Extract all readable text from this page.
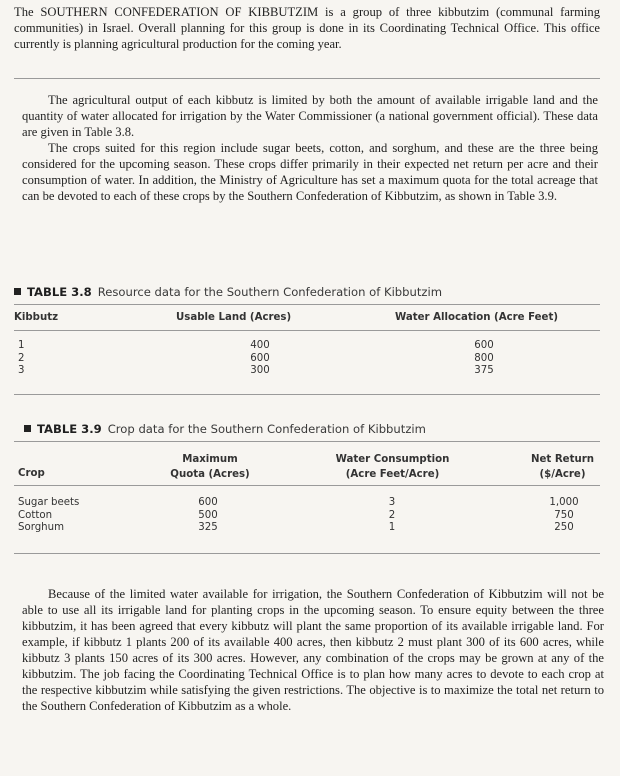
The SOUTHERN CONFEDERATION OF KIBBUTZIM is a group of three kibbutzim (communal farming communities) in Israel. Overall planning for this group is done in its Coordinating Technical Office. This office currently is planning agricultural production for the coming year.

The agricultural output of each kibbutz is limited by both the amount of available irrigable land and the quantity of water allocated for irrigation by the Water Commissioner (a national government official). These data are given in Table 3.8.

The crops suited for this region include sugar beets, cotton, and sorghum, and these are the three being considered for the upcoming season. These crops differ primarily in their expected net return per acre and their consumption of water. In addition, the Ministry of Agriculture has set a maximum quota for the total acreage that can be devoted to each of these crops by the Southern Confederation of Kibbutzim, as shown in Table 3.9.

TABLE 3.8 Resource data for the Southern Confederation of Kibbutzim
Kibbutz	Usable Land (Acres)	Water Allocation (Acre Feet)
1
2
3
400
600
300
600
800
375
TABLE 3.9 Crop data for the Southern Confederation of Kibbutzim
Maximum
Quota (Acres)
Water Consumption
(Acre Feet/Acre)
Net Return
($/Acre)
Crop
Sugar beets
Cotton
Sorghum
600
500
325
3
2
1
1,000
750
250

Because of the limited water available for irrigation, the Southern Confederation of Kibbutzim will not be able to use all its irrigable land for planting crops in the upcoming season. To ensure equity between the three kibbutzim, it has been agreed that every kibbutz will plant the same proportion of its available irrigable land. For example, if kibbutz 1 plants 200 of its available 400 acres, then kibbutz 2 must plant 300 of its 600 acres, while kibbutz 3 plants 150 acres of its 300 acres. However, any combination of the crops may be grown at any of the kibbutzim. The job facing the Coordinating Technical Office is to plan how many acres to devote to each crop at the respective kibbutzim while satisfying the given restrictions. The objective is to maximize the total net return to the Southern Confederation of Kibbutzim as a whole.
